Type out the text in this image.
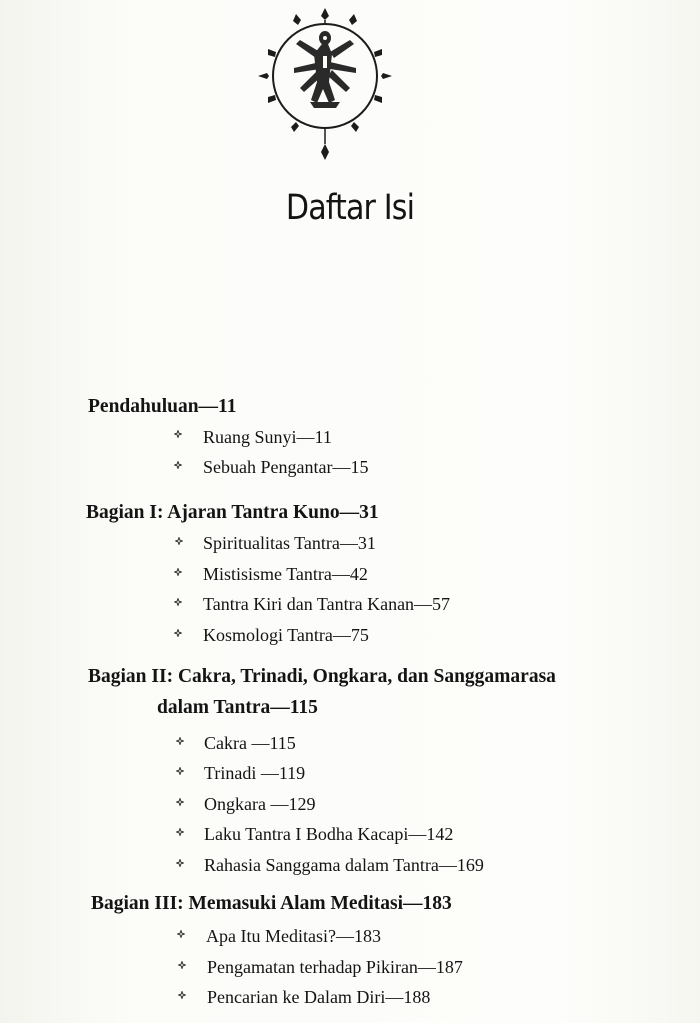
Daftar Isi
Pendahuluan—11
Ruang Sunyi—11
Sebuah Pengantar—15
Bagian I: Ajaran Tantra Kuno—31
Spiritualitas Tantra—31
Mistisisme Tantra—42
Tantra Kiri dan Tantra Kanan—57
Kosmologi Tantra—75
Bagian II: Cakra, Trinadi, Ongkara, dan Sanggamarasa
dalam Tantra—115
Cakra —115
Trinadi —119
Ongkara —129
Laku Tantra I Bodha Kacapi—142
Rahasia Sanggama dalam Tantra—169
Bagian III: Memasuki Alam Meditasi—183
Apa Itu Meditasi?—183
Pengamatan terhadap Pikiran—187
Pencarian ke Dalam Diri—188
